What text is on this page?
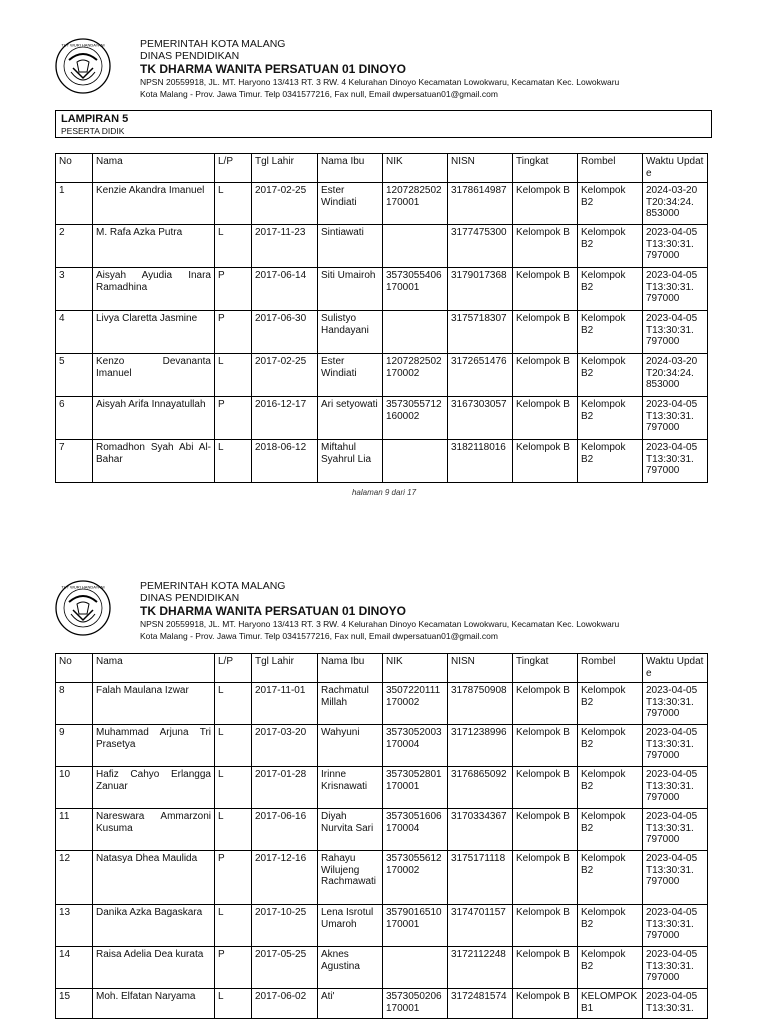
TUT WURI HANDAYANI	PEMERINTAH KOTA MALANG
DINAS PENDIDIKAN
TK DHARMA WANITA PERSATUAN 01 DINOYO
NPSN 20559918, JL. MT. Haryono 13/413 RT. 3 RW. 4 Kelurahan Dinoyo Kecamatan Lowokwaru, Kecamatan Kec. Lowokwaru
Kota Malang - Prov. Jawa Timur. Telp 0341577216, Fax null, Email dwpersatuan01@gmail.com
LAMPIRAN 5
PESERTA DIDIK
No	Nama	L/P	Tgl Lahir	Nama Ibu	NIK	NISN	Tingkat	Rombel	Waktu Update
1	Kenzie Akandra Imanuel	L	2017-02-25	Ester Windiati	1207282502170001	3178614987	Kelompok B	Kelompok B2	2024-03-20 T20:34:24. 853000
2	M. Rafa Azka Putra	L	2017-11-23	Sintiawati		3177475300	Kelompok B	Kelompok B2	2023-04-05 T13:30:31. 797000
3	Aisyah Ayudia Inara Ramadhina	P	2017-06-14	Siti Umairoh	3573055406170001	3179017368	Kelompok B	Kelompok B2	2023-04-05 T13:30:31. 797000
4	Livya Claretta Jasmine	P	2017-06-30	Sulistyo Handayani		3175718307	Kelompok B	Kelompok B2	2023-04-05 T13:30:31. 797000
5	Kenzo Devananta Imanuel	L	2017-02-25	Ester Windiati	1207282502170002	3172651476	Kelompok B	Kelompok B2	2024-03-20 T20:34:24. 853000
6	Aisyah Arifa Innayatullah	P	2016-12-17	Ari setyowati	3573055712160002	3167303057	Kelompok B	Kelompok B2	2023-04-05 T13:30:31. 797000
7	Romadhon Syah Abi Al-Bahar	L	2018-06-12	Miftahul Syahrul Lia		3182118016	Kelompok B	Kelompok B2	2023-04-05 T13:30:31. 797000
halaman 9 dari 17
TUT WURI HANDAYANI	PEMERINTAH KOTA MALANG
DINAS PENDIDIKAN
TK DHARMA WANITA PERSATUAN 01 DINOYO
NPSN 20559918, JL. MT. Haryono 13/413 RT. 3 RW. 4 Kelurahan Dinoyo Kecamatan Lowokwaru, Kecamatan Kec. Lowokwaru
Kota Malang - Prov. Jawa Timur. Telp 0341577216, Fax null, Email dwpersatuan01@gmail.com
No	Nama	L/P	Tgl Lahir	Nama Ibu	NIK	NISN	Tingkat	Rombel	Waktu Update
8	Falah Maulana Izwar	L	2017-11-01	Rachmatul Millah	3507220111170002	3178750908	Kelompok B	Kelompok B2	2023-04-05 T13:30:31. 797000
9	Muhammad Arjuna Tri Prasetya	L	2017-03-20	Wahyuni	3573052003170004	3171238996	Kelompok B	Kelompok B2	2023-04-05 T13:30:31. 797000
10	Hafiz Cahyo Erlangga Zanuar	L	2017-01-28	Irinne Krisnawati	3573052801170001	3176865092	Kelompok B	Kelompok B2	2023-04-05 T13:30:31. 797000
11	Nareswara Ammarzoni Kusuma	L	2017-06-16	Diyah Nurvita Sari	3573051606170004	3170334367	Kelompok B	Kelompok B2	2023-04-05 T13:30:31. 797000
12	Natasya Dhea Maulida	P	2017-12-16	Rahayu Wilujeng Rachmawati	3573055612170002	3175171118	Kelompok B	Kelompok B2	2023-04-05 T13:30:31. 797000
13	Danika Azka Bagaskara	L	2017-10-25	Lena Isrotul Umaroh	3579016510170001	3174701157	Kelompok B	Kelompok B2	2023-04-05 T13:30:31. 797000
14	Raisa Adelia Dea kurata	P	2017-05-25	Aknes Agustina		3172112248	Kelompok B	Kelompok B2	2023-04-05 T13:30:31. 797000
15	Moh. Elfatan Naryama	L	2017-06-02	Ati'	3573050206170001	3172481574	Kelompok B	KELOMPOK B1	2023-04-05 T13:30:31.
